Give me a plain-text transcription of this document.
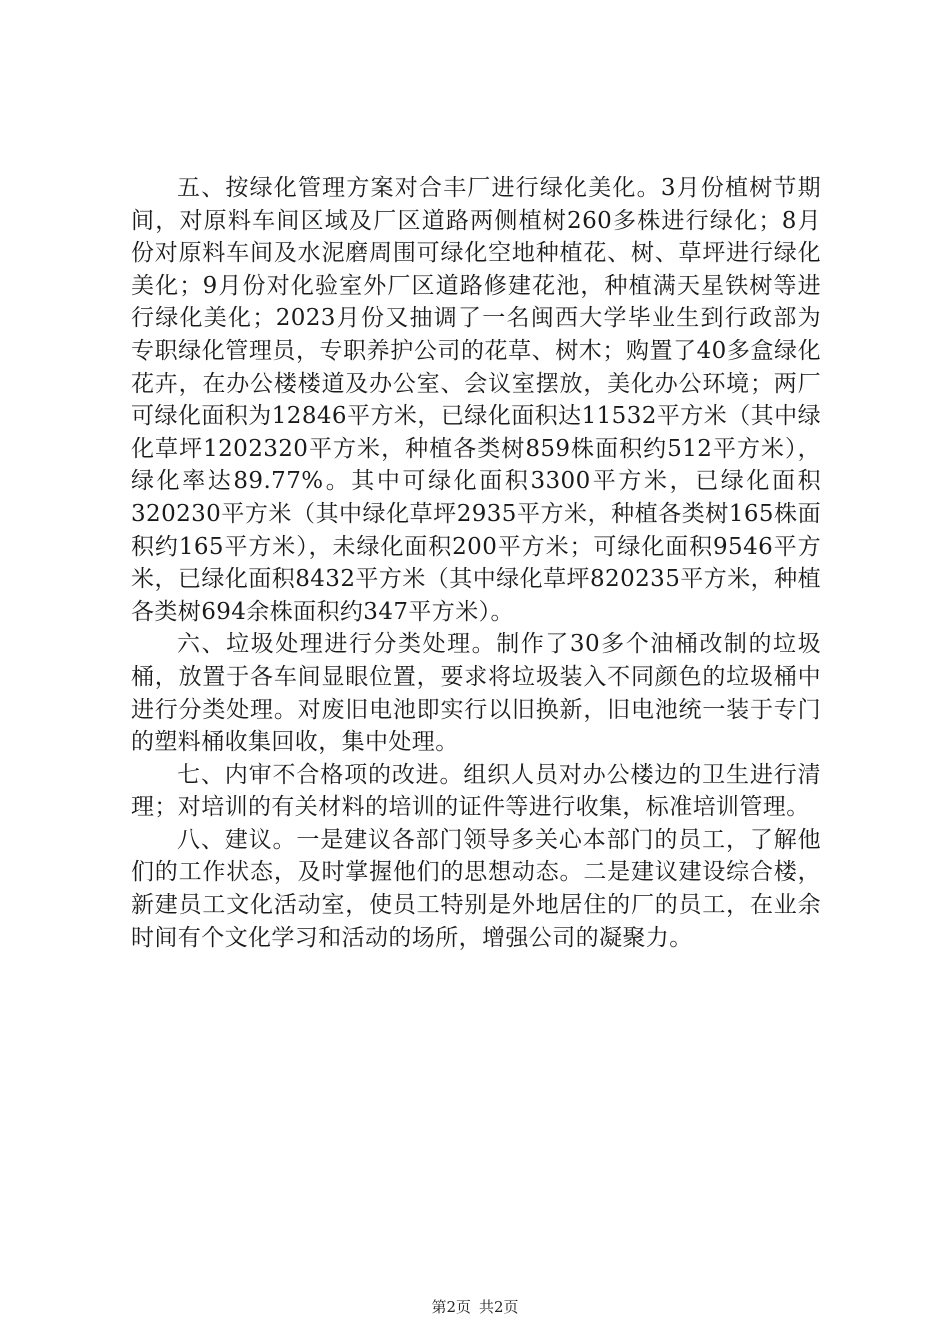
五、按绿化管理方案对合丰厂进行绿化美化。3月份植树节期间，对原料车间区域及厂区道路两侧植树260多株进行绿化；8月份对原料车间及水泥磨周围可绿化空地种植花、树、草坪进行绿化美化；9月份对化验室外厂区道路修建花池，种植满天星铁树等进行绿化美化；2023月份又抽调了一名闽西大学毕业生到行政部为专职绿化管理员，专职养护公司的花草、树木；购置了40多盒绿化花卉，在办公楼楼道及办公室、会议室摆放，美化办公环境；两厂可绿化面积为12846平方米，已绿化面积达11532平方米（其中绿化草坪1202320平方米，种植各类树859株面积约512平方米），绿化率达89.77%。其中可绿化面积3300平方米，已绿化面积320230平方米（其中绿化草坪2935平方米，种植各类树165株面积约165平方米），未绿化面积200平方米；可绿化面积9546平方米，已绿化面积8432平方米（其中绿化草坪820235平方米，种植各类树694余株面积约347平方米）。

六、垃圾处理进行分类处理。制作了30多个油桶改制的垃圾桶，放置于各车间显眼位置，要求将垃圾装入不同颜色的垃圾桶中进行分类处理。对废旧电池即实行以旧换新，旧电池统一装于专门的塑料桶收集回收，集中处理。

七、内审不合格项的改进。组织人员对办公楼边的卫生进行清理；对培训的有关材料的培训的证件等进行收集，标准培训管理。

八、建议。一是建议各部门领导多关心本部门的员工，了解他们的工作状态，及时掌握他们的思想动态。二是建议建设综合楼，新建员工文化活动室，使员工特别是外地居住的厂的员工，在业余时间有个文化学习和活动的场所，增强公司的凝聚力。

第2页 共2页
